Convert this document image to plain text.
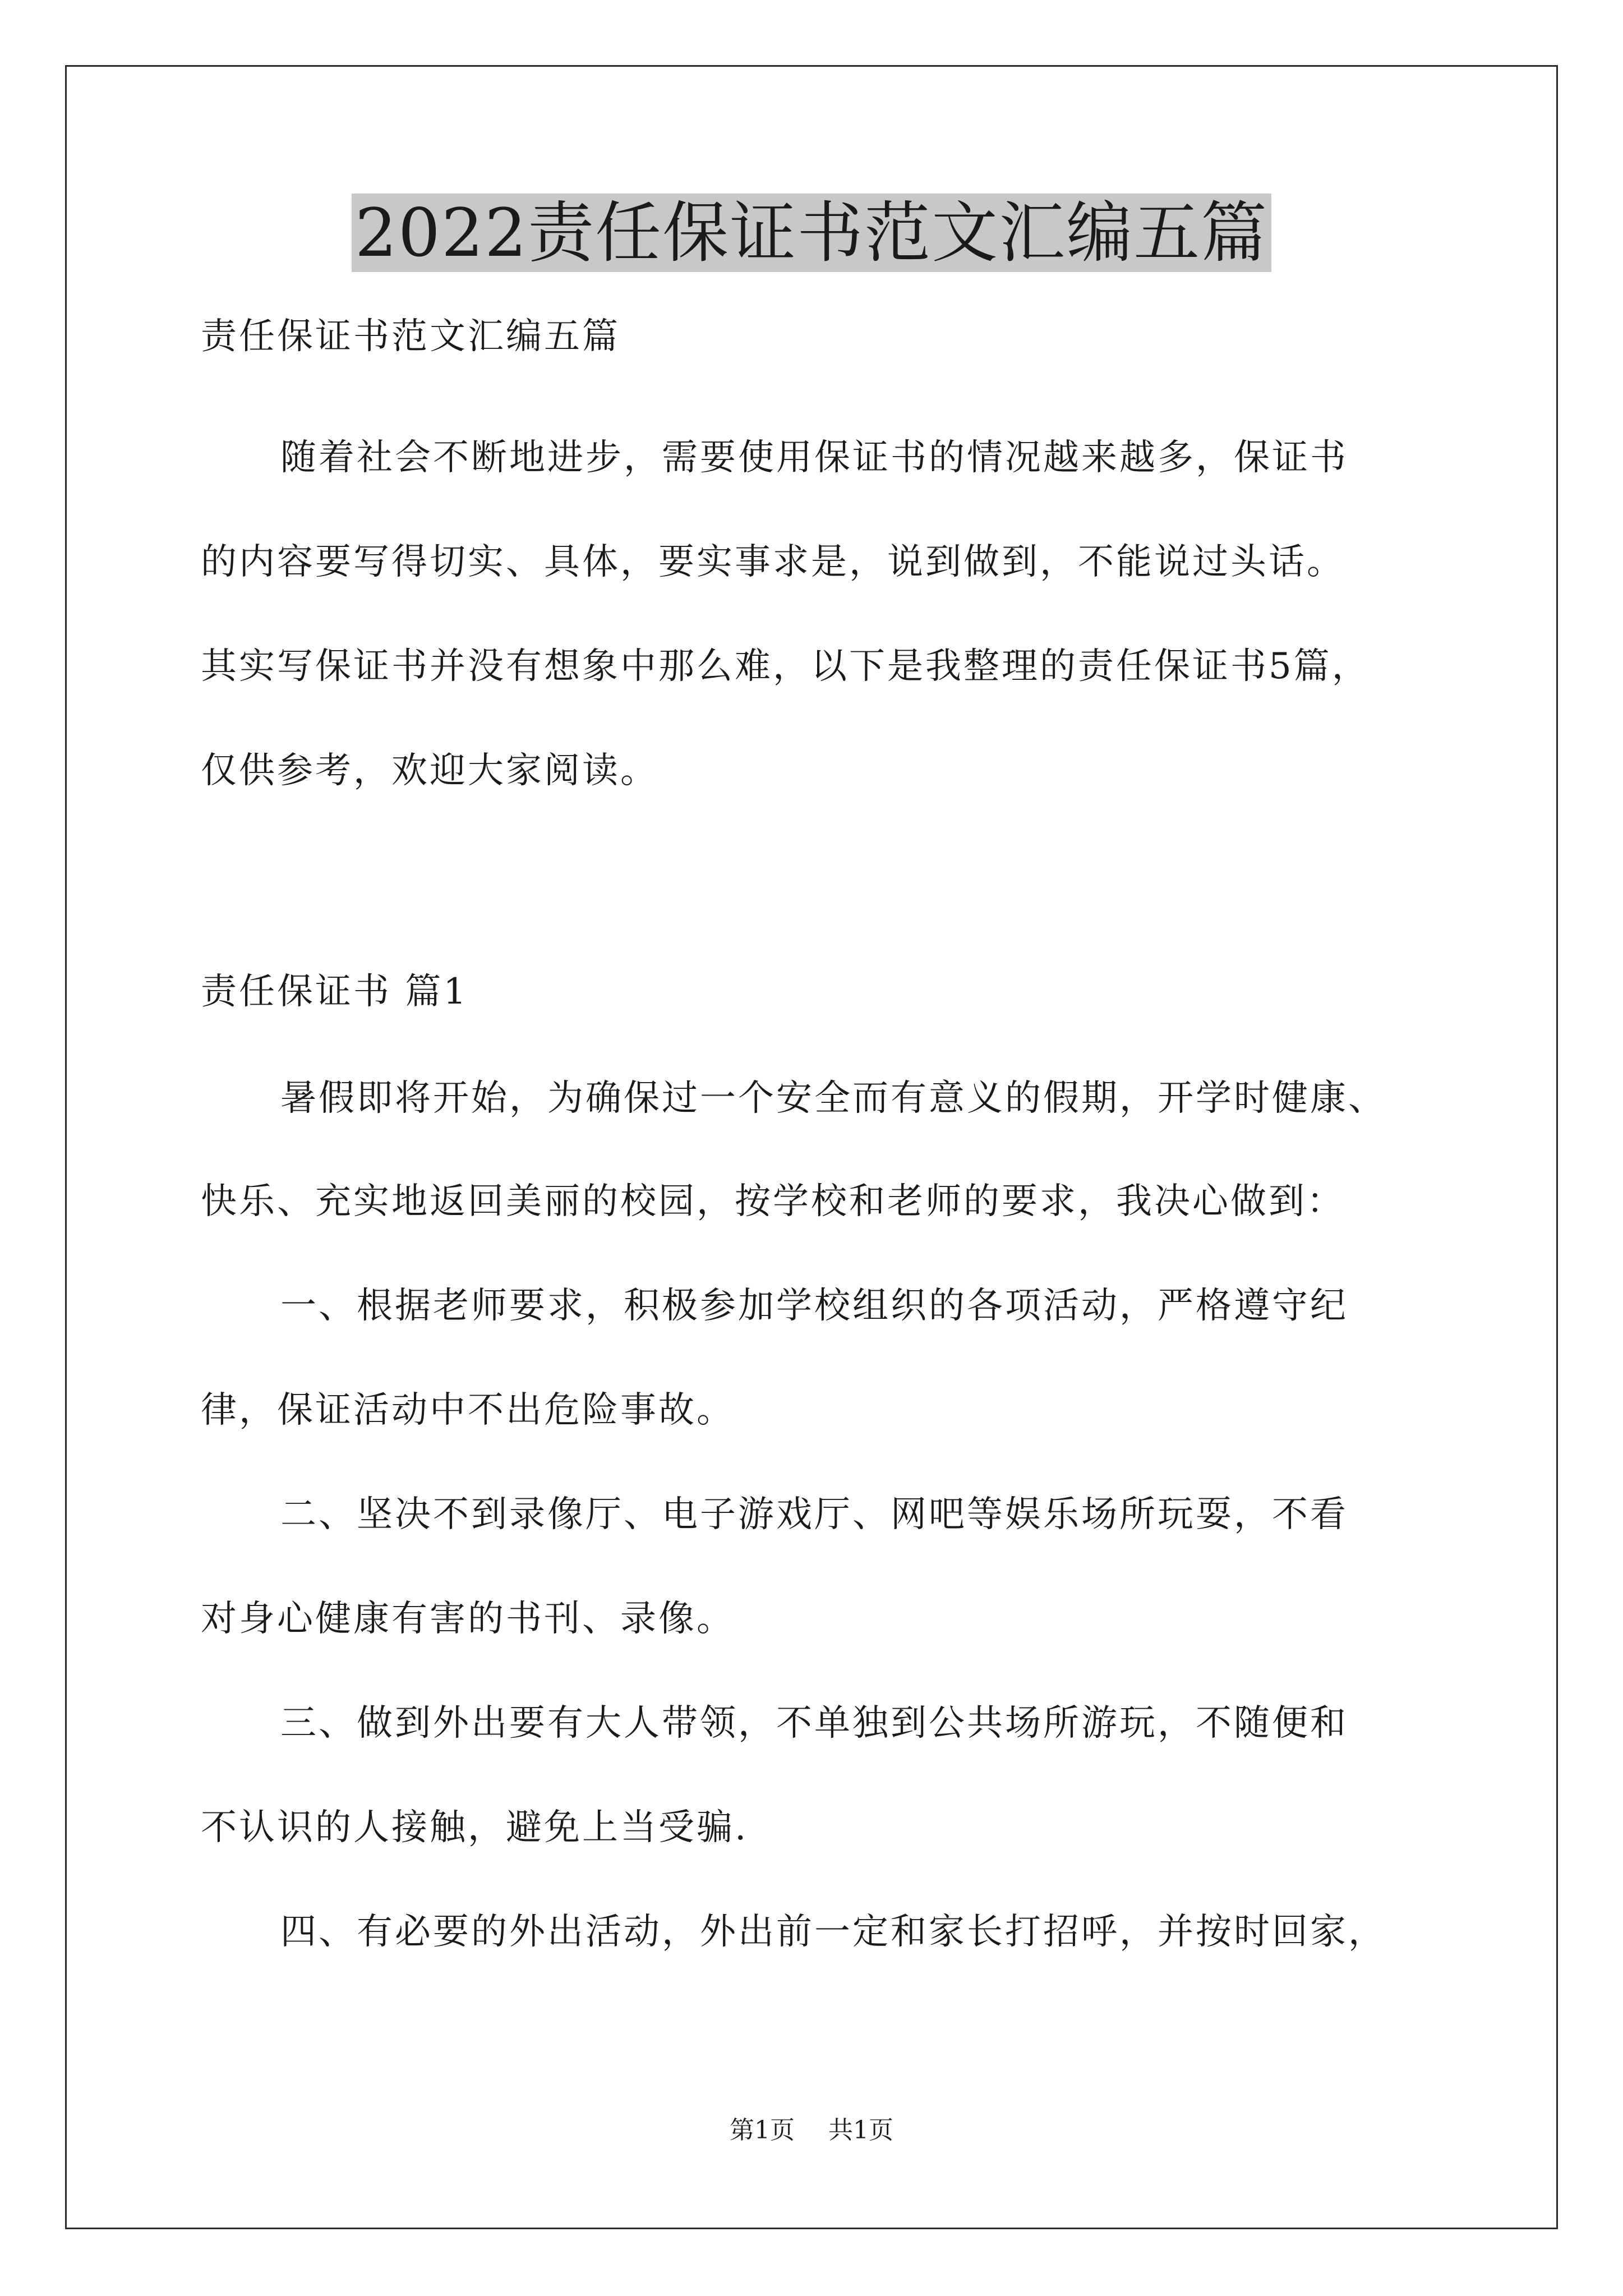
2022责任保证书范文汇编五篇
责任保证书范文汇编五篇
随着社会不断地进步，需要使用保证书的情况越来越多，保证书
的内容要写得切实、具体，要实事求是，说到做到，不能说过头话。
其实写保证书并没有想象中那么难，以下是我整理的责任保证书5篇，
仅供参考，欢迎大家阅读。
责任保证书 篇1
暑假即将开始，为确保过一个安全而有意义的假期，开学时健康、
快乐、充实地返回美丽的校园，按学校和老师的要求，我决心做到：
一、根据老师要求，积极参加学校组织的各项活动，严格遵守纪
律，保证活动中不出危险事故。
二、坚决不到录像厅、电子游戏厅、网吧等娱乐场所玩耍，不看
对身心健康有害的书刊、录像。
三、做到外出要有大人带领，不单独到公共场所游玩，不随便和
不认识的人接触，避免上当受骗.
四、有必要的外出活动，外出前一定和家长打招呼，并按时回家，
第1页 共1页
